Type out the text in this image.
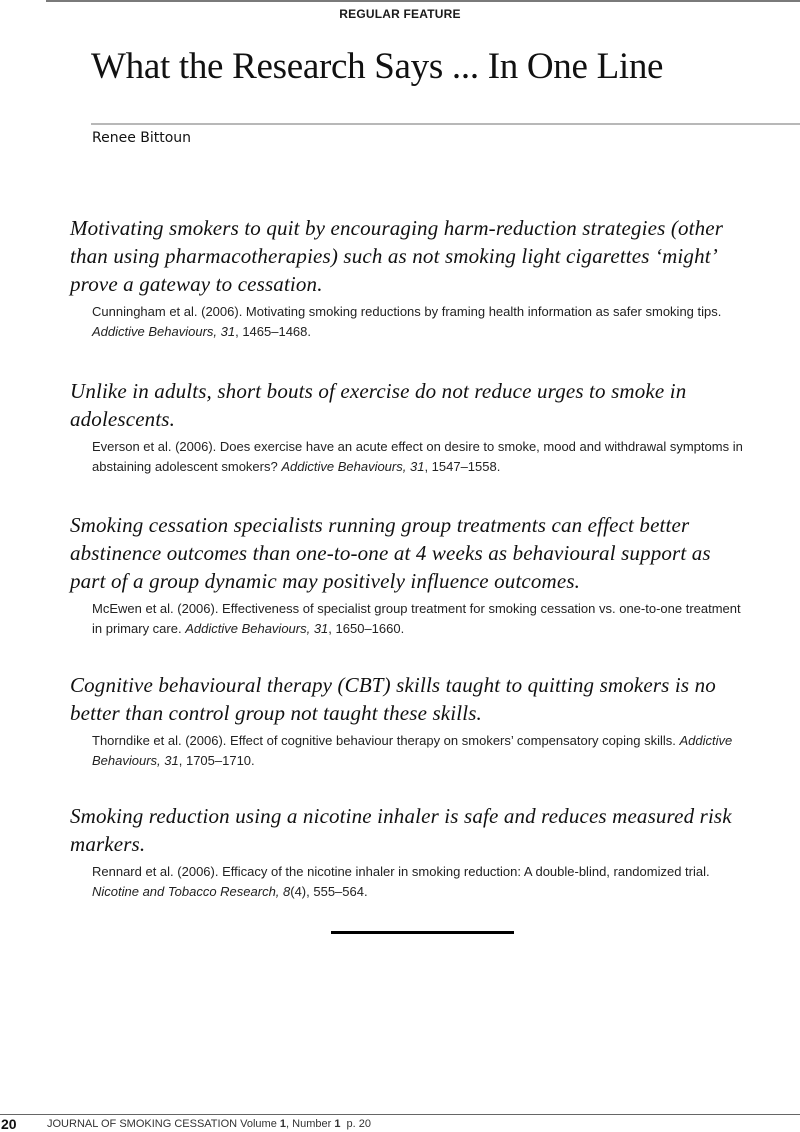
REGULAR FEATURE
What the Research Says ... In One Line
Renee Bittoun

Motivating smokers to quit by encouraging harm-reduction strategies (other than using pharmacotherapies) such as not smoking light cigarettes ‘might’ prove a gateway to cessation.

Cunningham et al. (2006). Motivating smoking reductions by framing health information as safer smoking tips. Addictive Behaviours, 31, 1465–1468.

Unlike in adults, short bouts of exercise do not reduce urges to smoke in adolescents.

Everson et al. (2006). Does exercise have an acute effect on desire to smoke, mood and withdrawal symptoms in abstaining adolescent smokers? Addictive Behaviours, 31, 1547–1558.

Smoking cessation specialists running group treatments can effect better abstinence outcomes than one-to-one at 4 weeks as behavioural support as part of a group dynamic may positively influence outcomes.

McEwen et al. (2006). Effectiveness of specialist group treatment for smoking cessation vs. one-to-one treatment in primary care. Addictive Behaviours, 31, 1650–1660.

Cognitive behavioural therapy (CBT) skills taught to quitting smokers is no better than control group not taught these skills.

Thorndike et al. (2006). Effect of cognitive behaviour therapy on smokers’ compensatory coping skills. Addictive Behaviours, 31, 1705–1710.

Smoking reduction using a nicotine inhaler is safe and reduces measured risk markers.

Rennard et al. (2006). Efficacy of the nicotine inhaler in smoking reduction: A double-blind, randomized trial. Nicotine and Tobacco Research, 8(4), 555–564.
20	JOURNAL OF SMOKING CESSATION Volume 1, Number 1  p. 20
